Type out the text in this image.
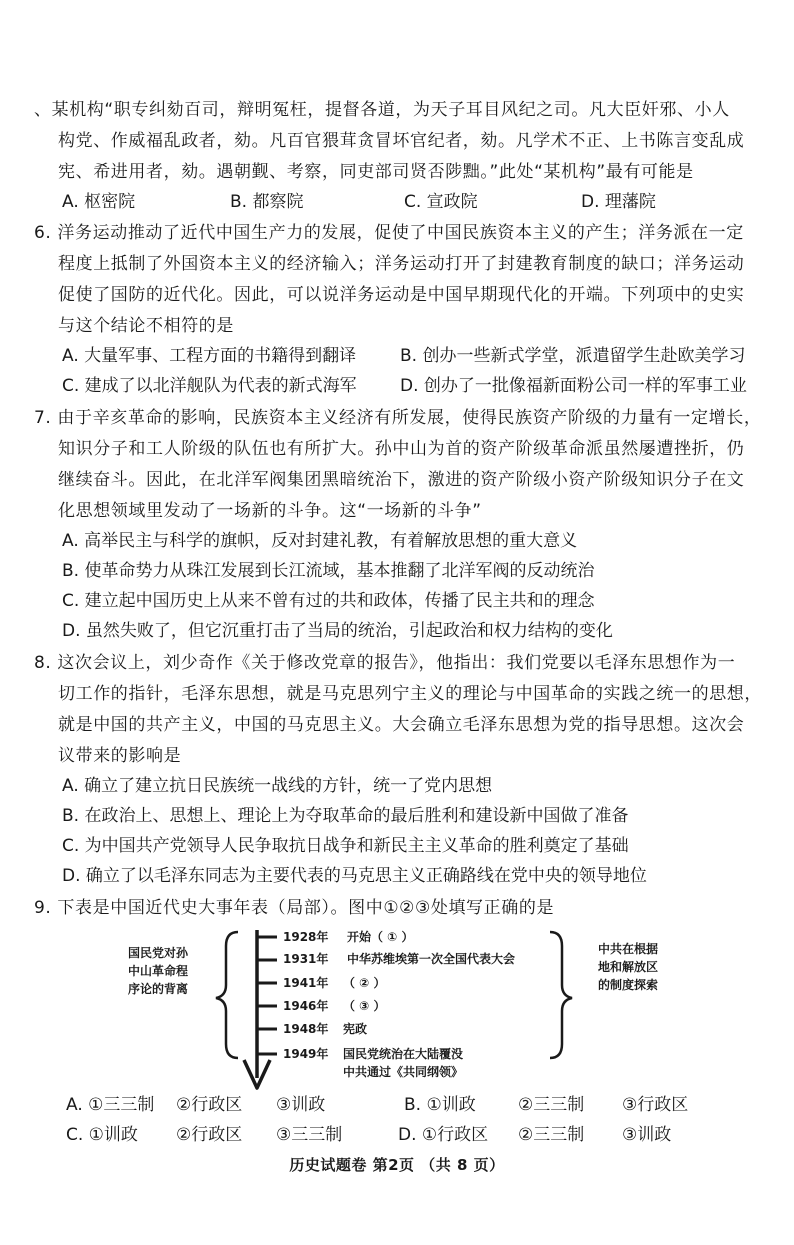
、某机构“职专纠劾百司，辩明冤枉，提督各道，为天子耳目风纪之司。凡大臣奸邪、小人
构党、作威福乱政者，劾。凡百官猥茸贪冒坏官纪者，劾。凡学术不正、上书陈言变乱成
宪、希进用者，劾。遇朝觐、考察，同吏部司贤否陟黜。”此处“某机构”最有可能是
A. 枢密院	B. 都察院	C. 宣政院	D. 理藩院
6. 洋务运动推动了近代中国生产力的发展，促使了中国民族资本主义的产生；洋务派在一定
程度上抵制了外国资本主义的经济输入；洋务运动打开了封建教育制度的缺口；洋务运动
促使了国防的近代化。因此，可以说洋务运动是中国早期现代化的开端。下列项中的史实
与这个结论不相符的是
A. 大量军事、工程方面的书籍得到翻译	B. 创办一些新式学堂，派遣留学生赴欧美学习
C. 建成了以北洋舰队为代表的新式海军	D. 创办了一批像福新面粉公司一样的军事工业
7. 由于辛亥革命的影响，民族资本主义经济有所发展，使得民族资产阶级的力量有一定增长，
知识分子和工人阶级的队伍也有所扩大。孙中山为首的资产阶级革命派虽然屡遭挫折，仍
继续奋斗。因此，在北洋军阀集团黑暗统治下，激进的资产阶级小资产阶级知识分子在文
化思想领域里发动了一场新的斗争。这“一场新的斗争”
A. 高举民主与科学的旗帜，反对封建礼教，有着解放思想的重大意义
B. 使革命势力从珠江发展到长江流域，基本推翻了北洋军阀的反动统治
C. 建立起中国历史上从来不曾有过的共和政体，传播了民主共和的理念
D. 虽然失败了，但它沉重打击了当局的统治，引起政治和权力结构的变化
8. 这次会议上，刘少奇作《关于修改党章的报告》，他指出：我们党要以毛泽东思想作为一
切工作的指针，毛泽东思想，就是马克思列宁主义的理论与中国革命的实践之统一的思想，
就是中国的共产主义，中国的马克思主义。大会确立毛泽东思想为党的指导思想。这次会
议带来的影响是
A. 确立了建立抗日民族统一战线的方针，统一了党内思想
B. 在政治上、思想上、理论上为夺取革命的最后胜利和建设新中国做了准备
C. 为中国共产党领导人民争取抗日战争和新民主主义革命的胜利奠定了基础
D. 确立了以毛泽东同志为主要代表的马克思主义正确路线在党中央的领导地位
9. 下表是中国近代史大事年表（局部）。图中①②③处填写正确的是
国民党对孙中山革命程序论的背离
中共在根据地和解放区的制度探索
1928年 开始（ ① ）
1931年 中华苏维埃第一次全国代表大会
1941年 （ ② ）
1946年 （ ③ ）
1948年 宪政
1949年 国民党统治在大陆覆没
中共通过《共同纲领》
A. ①三三制 ②行政区 ③训政	B. ①训政 ②三三制 ③行政区
C. ①训政 ②行政区 ③三三制	D. ①行政区 ②三三制 ③训政
历史试题卷 第2页 （共 8 页）
